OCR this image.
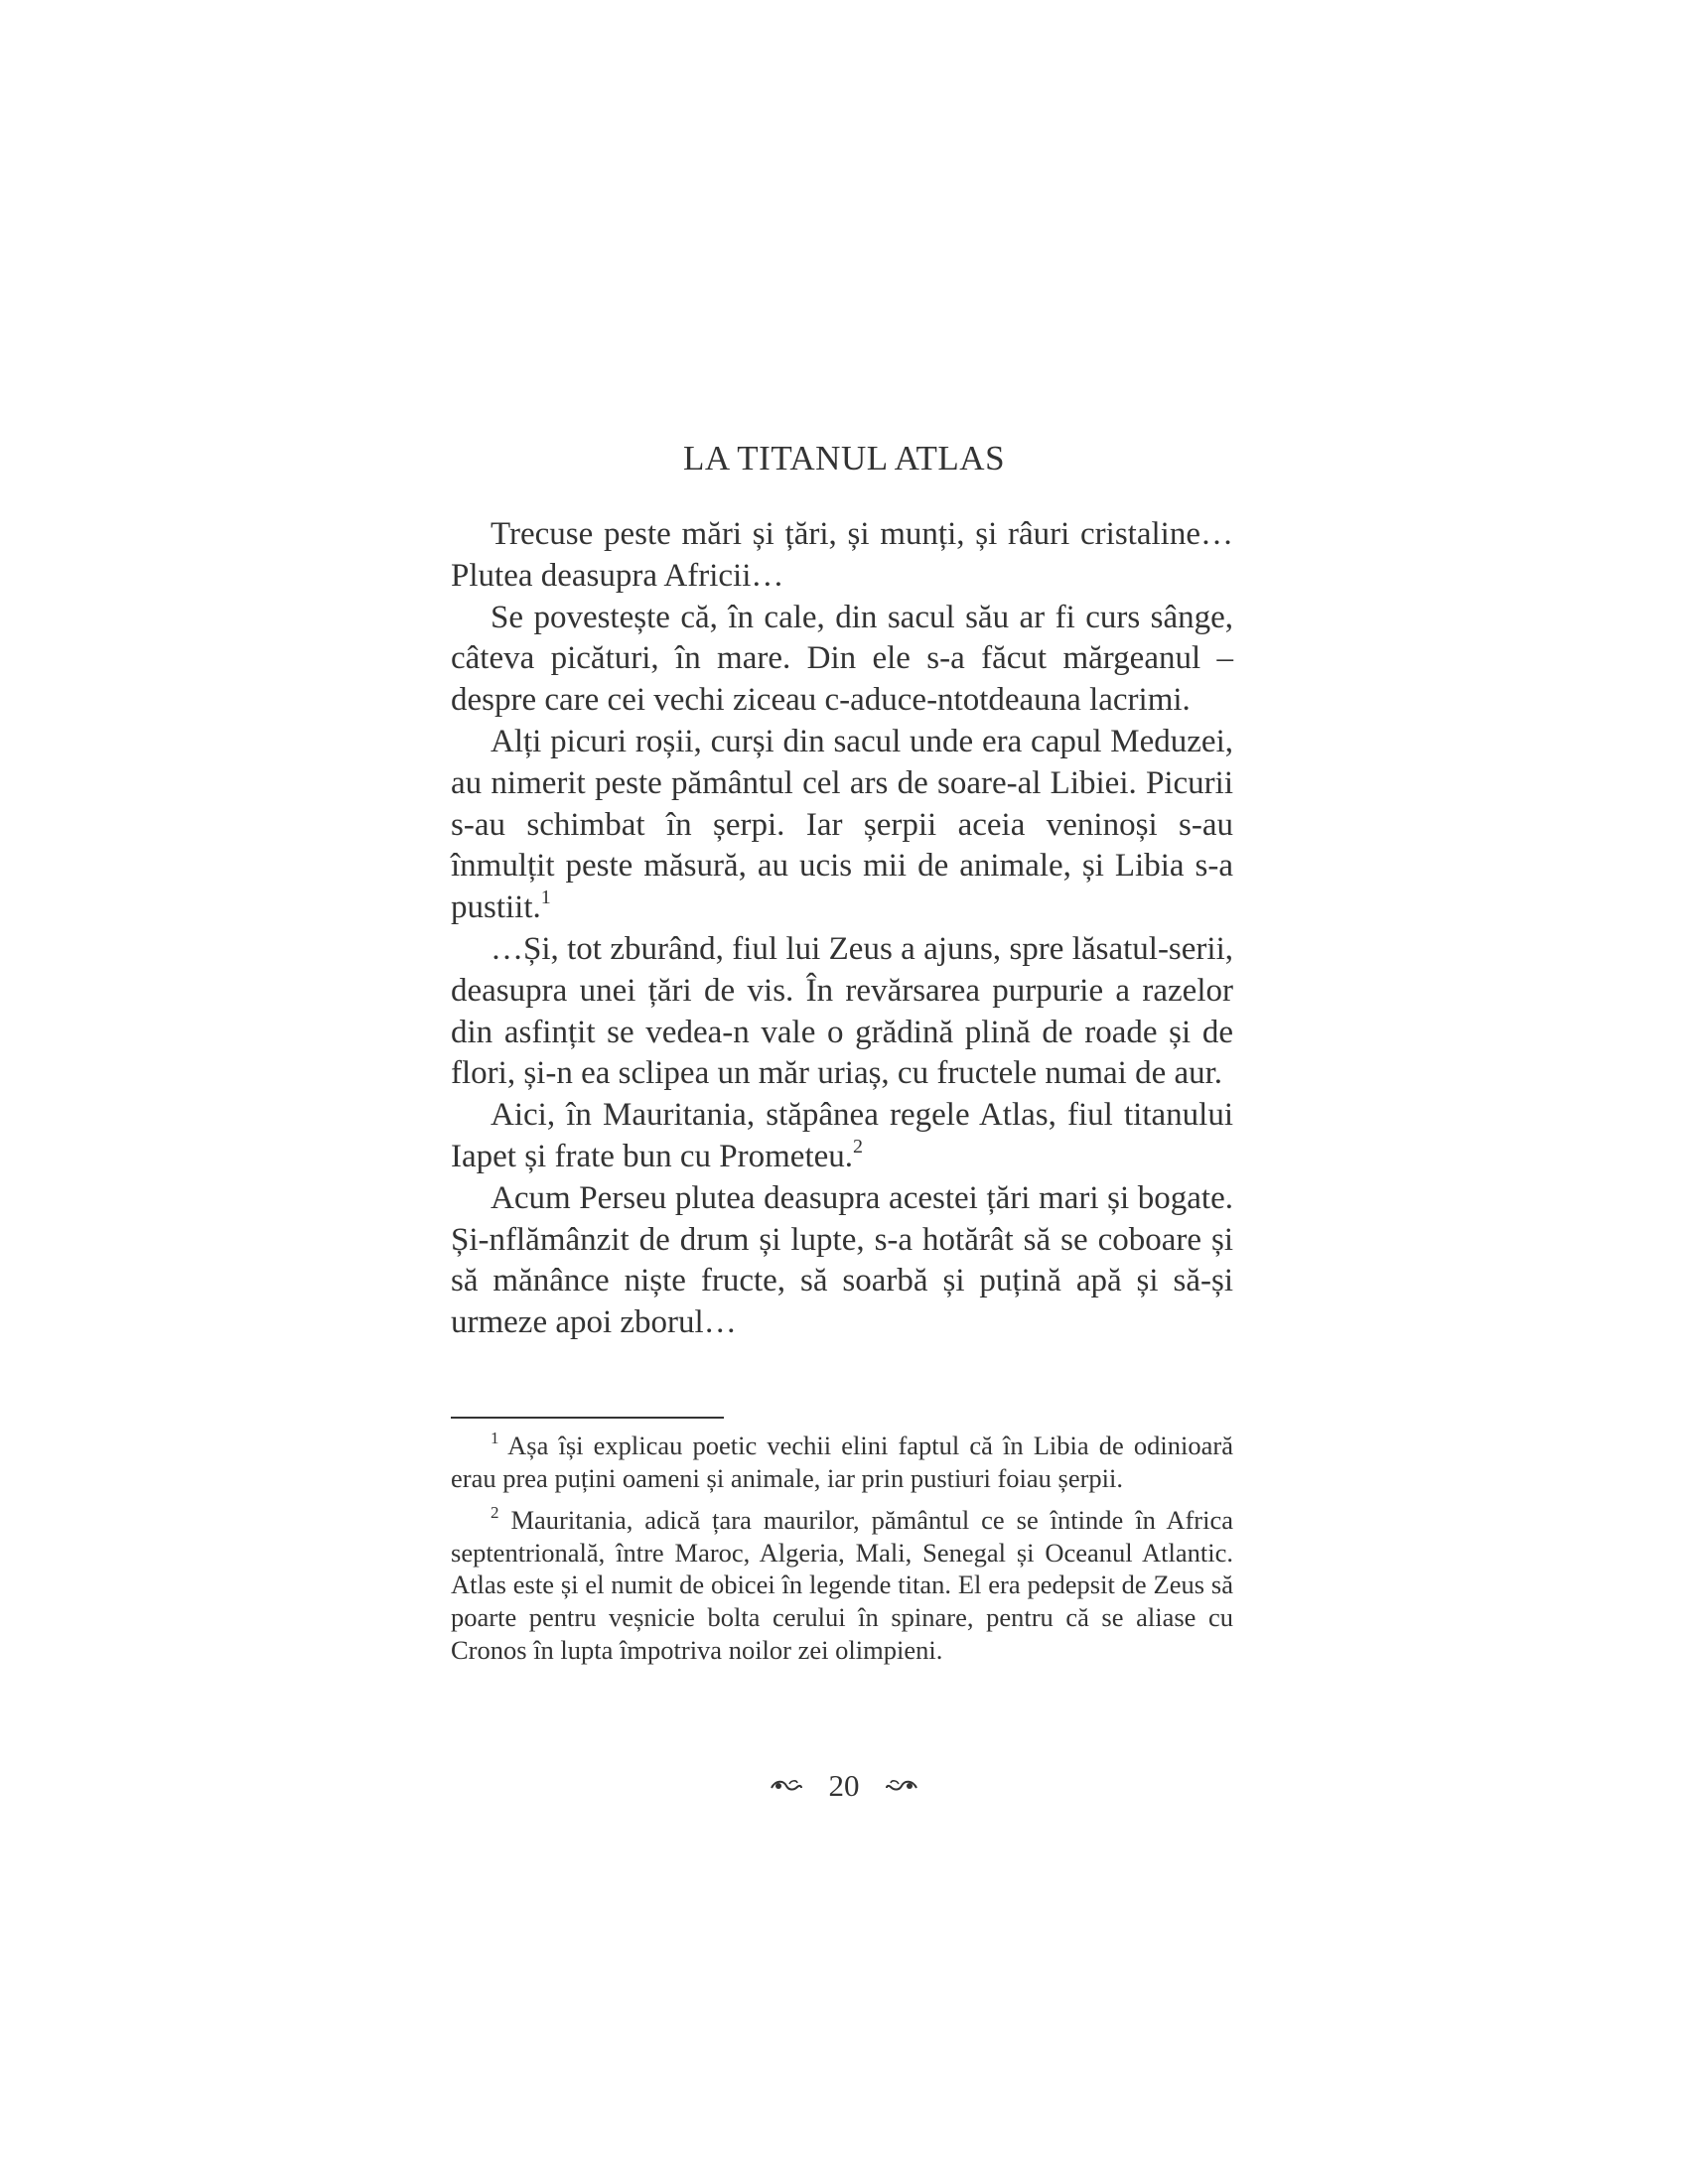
LA TITANUL ATLAS

Trecuse peste mări și țări, și munți, și râuri cristaline… Plutea deasupra Africii…

Se povestește că, în cale, din sacul său ar fi curs sânge, câteva picături, în mare. Din ele s-a făcut mărgeanul – despre care cei vechi ziceau c-aduce-ntotdeauna lacrimi.

Alți picuri roșii, curși din sacul unde era capul Meduzei, au nimerit peste pământul cel ars de soare-al Libiei. Picurii s-au schimbat în șerpi. Iar șerpii aceia veninoși s-au înmulțit peste măsură, au ucis mii de animale, și Libia s-a pustiit.$^1$

…Și, tot zburând, fiul lui Zeus a ajuns, spre lăsatul-serii, deasupra unei țări de vis. În revărsarea purpurie a razelor din asfințit se vedea-n vale o grădină plină de roade și de flori, și-n ea sclipea un măr uriaș, cu fructele numai de aur.

Aici, în Mauritania, stăpânea regele Atlas, fiul titanului Iapet și frate bun cu Prometeu.$^2$

Acum Perseu plutea deasupra acestei țări mari și bogate. Și-nflămânzit de drum și lupte, s-a hotărât să se coboare și să mănânce niște fructe, să soarbă și puțină apă și să-și urmeze apoi zborul…

$^1$ Așa își explicau poetic vechii elini faptul că în Libia de odinioară erau prea puțini oameni și animale, iar prin pustiuri foiau șerpii.

$^2$ Mauritania, adică țara maurilor, pământul ce se întinde în Africa septentrională, între Maroc, Algeria, Mali, Senegal și Oceanul Atlantic. Atlas este și el numit de obicei în legende titan. El era pedepsit de Zeus să poarte pentru veșnicie bolta cerului în spinare, pentru că se aliase cu Cronos în lupta împotriva noilor zei olimpieni.

20
